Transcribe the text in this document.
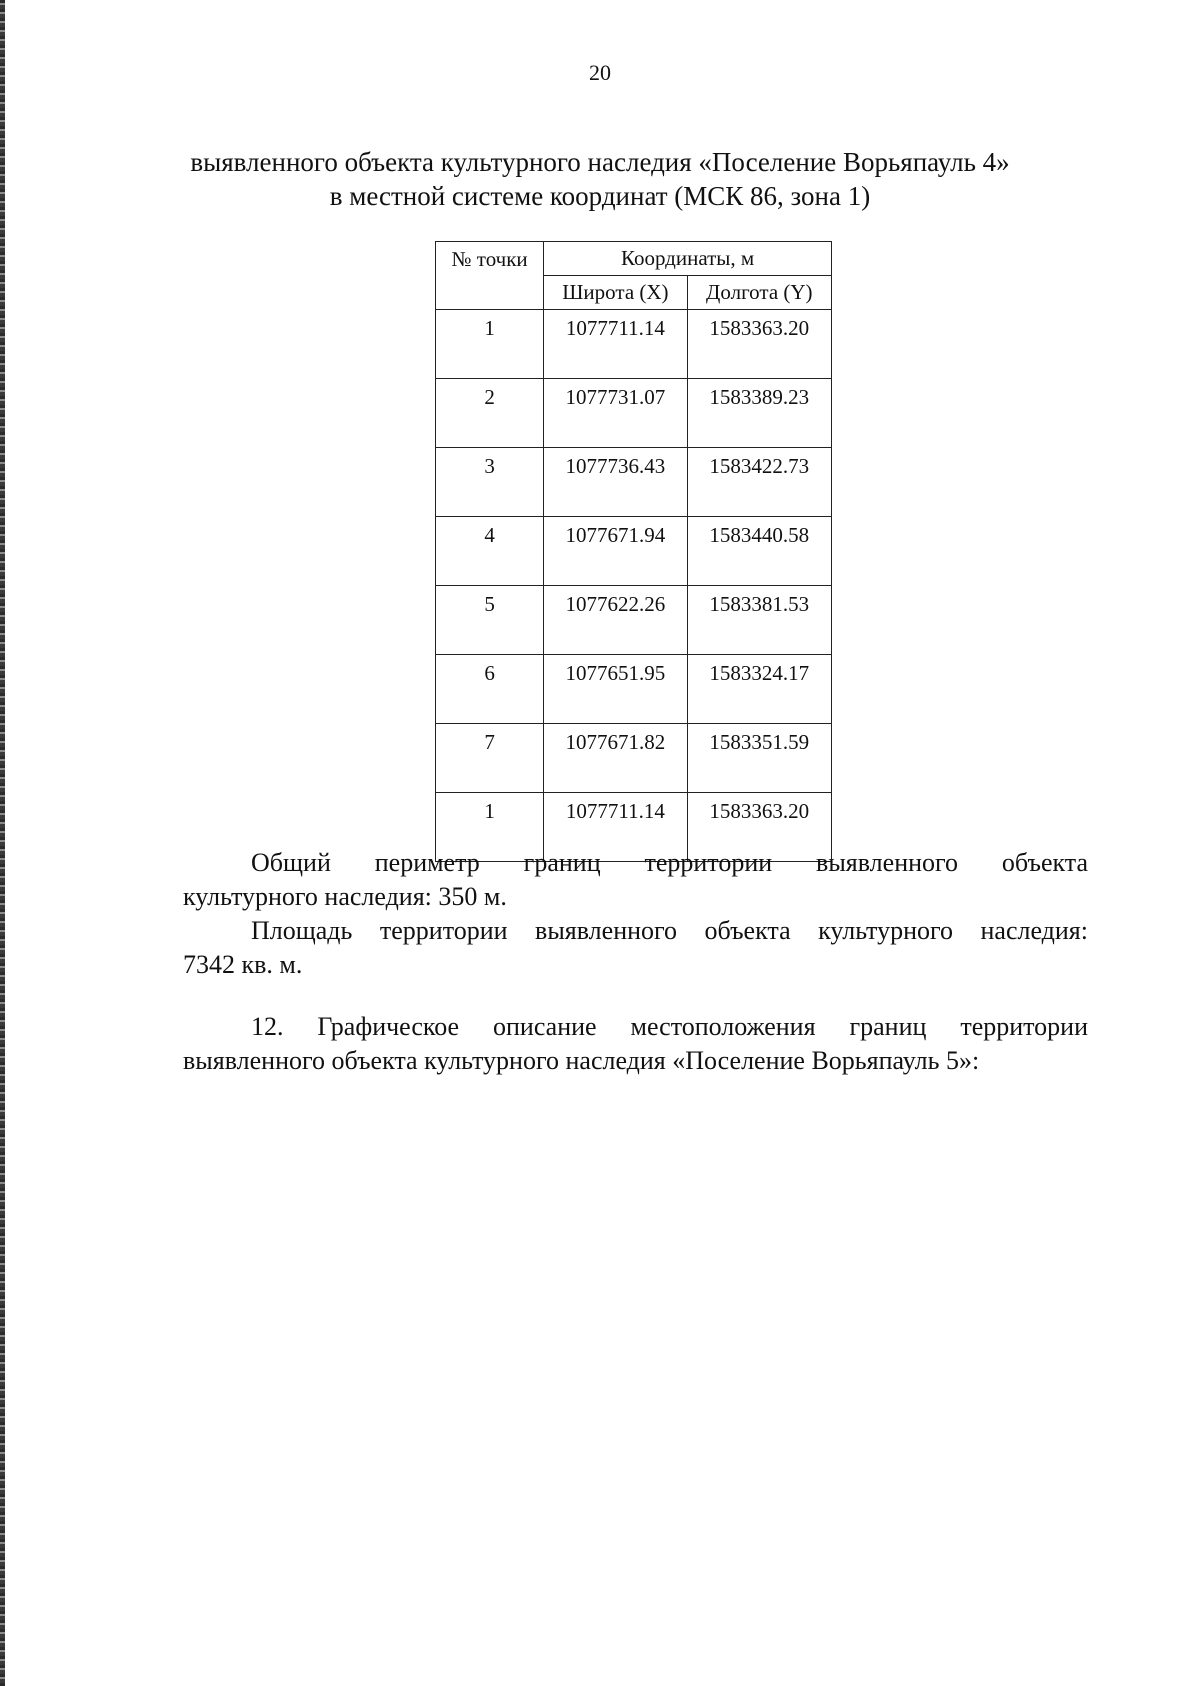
20
выявленного объекта культурного наследия «Поселение Ворьяпауль 4»
в местной системе координат (МСК 86, зона 1)
№ точки	Координаты, м	
	Широта (X)	Долгота (Y)
1	1077711.14	1583363.20
2	1077731.07	1583389.23
3	1077736.43	1583422.73
4	1077671.94	1583440.58
5	1077622.26	1583381.53
6	1077651.95	1583324.17
7	1077671.82	1583351.59
1	1077711.14	1583363.20
Общий периметр границ территории выявленного объекта
культурного наследия: 350 м.
Площадь территории выявленного объекта культурного наследия:
7342 кв. м.
12. Графическое описание местоположения границ территории
выявленного объекта культурного наследия «Поселение Ворьяпауль 5»:
